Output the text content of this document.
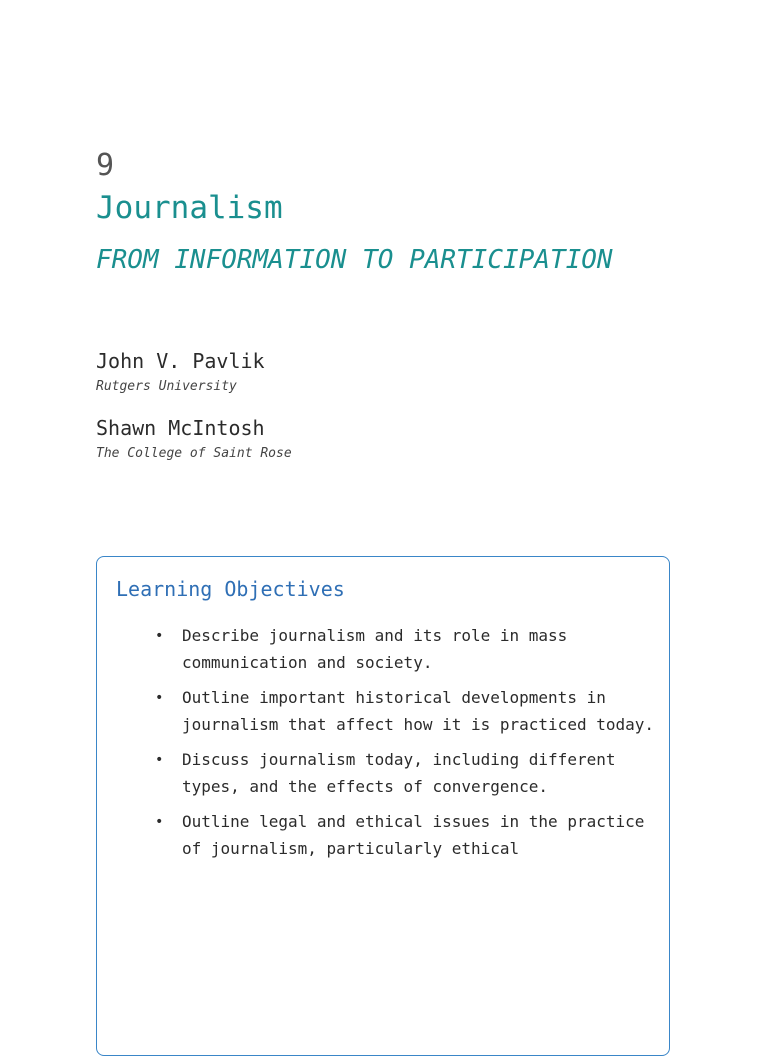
9
Journalism
FROM INFORMATION TO PARTICIPATION
John V. Pavlik
Rutgers University
Shawn McIntosh
The College of Saint Rose
Learning Objectives
• Describe journalism and its role in mass communication and society.
• Outline important historical developments in journalism that affect how it is practiced today.
• Discuss journalism today, including different types, and the effects of convergence.
• Outline legal and ethical issues in the practice of journalism, particularly ethical
